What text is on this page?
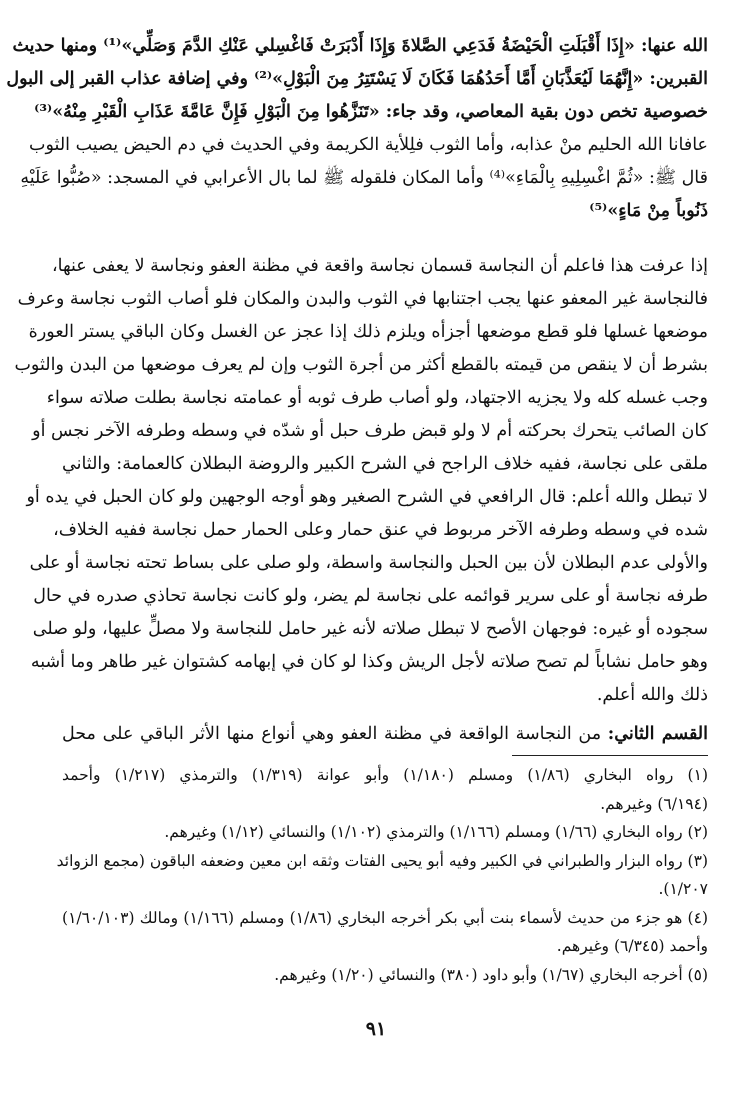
الله عنها: «إِذَا أَقْبَلَتِ الْحَيْضَةُ فَدَعِي الصَّلاةَ وَإِذَا أَدْبَرَتْ فَاغْسِلي عَنْكِ الدَّمَ وَصَلِّي»⁽¹⁾ ومنها حديث
القبرين: «إِنَّهُمَا لَيُعَذَّبَانِ أَمَّا أَحَدُهُمَا فَكَانَ لَا يَسْتَتِرُ مِنَ الْبَوْلِ»⁽²⁾ وفي إضافة عذاب القبر إلى البول
خصوصية تخص دون بقية المعاصي، وقد جاء: «تَنَزَّهُوا مِنَ الْبَوْلِ فَإِنَّ عَامَّةَ عَذَابِ الْقَبْرِ مِنْهُ»⁽³⁾
عافانا الله الحليم منْ عذابه، وأما الثوب فلِلأية الكريمة وفي الحديث في دم الحيض يصيب الثوب
قال ﷺ: «ثُمَّ اغْسِلِيهِ بِالْمَاءِ»⁽⁴⁾ وأما المكان فلقوله ﷺ لما بال الأعرابي في المسجد: «صُبُّوا عَلَيْهِ
ذَنُوباً مِنْ مَاءٍ»⁽⁵⁾
إذا عرفت هذا فاعلم أن النجاسة قسمان نجاسة واقعة في مظنة العفو ونجاسة لا يعفى عنها،
فالنجاسة غير المعفو عنها يجب اجتنابها في الثوب والبدن والمكان فلو أصاب الثوب نجاسة وعرف
موضعها غسلها فلو قطع موضعها أجزأه ويلزم ذلك إذا عجز عن الغسل وكان الباقي يستر العورة
بشرط أن لا ينقص من قيمته بالقطع أكثر من أجرة الثوب وإن لم يعرف موضعها من البدن والثوب
وجب غسله كله ولا يجزيه الاجتهاد، ولو أصاب طرف ثوبه أو عمامته نجاسة بطلت صلاته سواء
كان الصائب يتحرك بحركته أم لا ولو قبض طرف حبل أو شدّه في وسطه وطرفه الآخر نجس أو
ملقى على نجاسة، ففيه خلاف الراجح في الشرح الكبير والروضة البطلان كالعمامة: والثاني
لا تبطل والله أعلم: قال الرافعي في الشرح الصغير وهو أوجه الوجهين ولو كان الحبل في يده أو
شده في وسطه وطرفه الآخر مربوط في عنق حمار وعلى الحمار حمل نجاسة ففيه الخلاف،
والأولى عدم البطلان لأن بين الحبل والنجاسة واسطة، ولو صلى على بساط تحته نجاسة أو على
طرفه نجاسة أو على سرير قوائمه على نجاسة لم يضر، ولو كانت نجاسة تحاذي صدره في حال
سجوده أو غيره: فوجهان الأصح لا تبطل صلاته لأنه غير حامل للنجاسة ولا مصلٍّ عليها، ولو صلى
وهو حامل نشاباً لم تصح صلاته لأجل الريش وكذا لو كان في إبهامه كشتوان غير طاهر وما أشبه
ذلك والله أعلم.
القسم الثاني: من النجاسة الواقعة في مظنة العفو وهي أنواع منها الأثر الباقي على محل
(١) رواه البخاري (١/٨٦) ومسلم (١/١٨٠) وأبو عوانة (١/٣١٩) والترمذي (١/٢١٧) وأحمد
(٦/١٩٤) وغيرهم.
(٢) رواه البخاري (١/٦٦) ومسلم (١/١٦٦) والترمذي (١/١٠٢) والنسائي (١/١٢) وغيرهم.
(٣) رواه البزار والطبراني في الكبير وفيه أبو يحيى الفتات وثقه ابن معين وضعفه الباقون (مجمع الزوائد
١/٢٠٧).
(٤) هو جزء من حديث لأسماء بنت أبي بكر أخرجه البخاري (١/٨٦) ومسلم (١/١٦٦) ومالك (١/٦٠/١٠٣)
وأحمد (٦/٣٤٥) وغيرهم.
(٥) أخرجه البخاري (١/٦٧) وأبو داود (٣٨٠) والنسائي (١/٢٠) وغيرهم.
٩١
